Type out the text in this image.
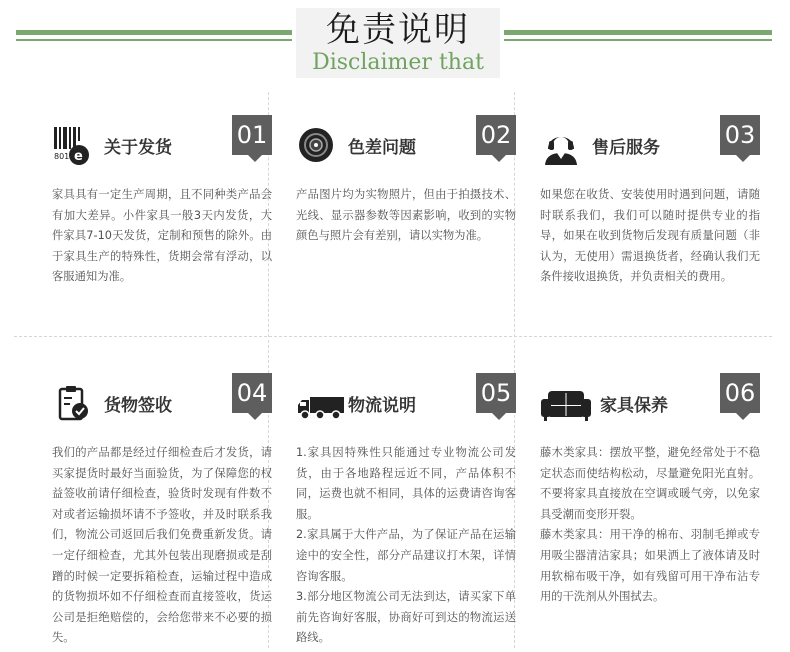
免责说明
Disclaimer that
801 e 关于发货	01

家具具有一定生产周期，且不同种类产品会有加大差异。小件家具一般3天内发货，大件家具7-10天发货，定制和预售的除外。由于家具生产的特殊性，货期会常有浮动，以客服通知为准。

色差问题	02

产品图片均为实物照片，但由于拍摄技术、光线、显示器参数等因素影响，收到的实物颜色与照片会有差别，请以实物为准。

售后服务	03

如果您在收货、安装使用时遇到问题，请随时联系我们，我们可以随时提供专业的指导，如果在收到货物后发现有质量问题（非认为，无使用）需退换货者，经确认我们无条件接收退换货，并负责相关的费用。

货物签收	04

我们的产品都是经过仔细检查后才发货，请买家提货时最好当面验货，为了保障您的权益签收前请仔细检查，验货时发现有件数不对或者运输损坏请不予签收，并及时联系我们，物流公司返回后我们免费重新发货。请一定仔细检查，尤其外包装出现磨损或是刮蹭的时候一定要拆箱检查，运输过程中造成的货物损坏如不仔细检查而直接签收，货运公司是拒绝赔偿的，会给您带来不必要的损失。

物流说明	05

1.家具因特殊性只能通过专业物流公司发货，由于各地路程远近不同，产品体积不同，运费也就不相同，具体的运费请咨询客服。

2.家具属于大件产品，为了保证产品在运输途中的安全性，部分产品建议打木架，详情咨询客服。

3.部分地区物流公司无法到达，请买家下单前先咨询好客服，协商好可到达的物流运送路线。

家具保养 06

藤木类家具：摆放平整，避免经常处于不稳定状态而使结构松动，尽量避免阳光直射。不要将家具直接放在空调或暖气旁，以免家具受潮而变形开裂。

藤木类家具：用干净的棉布、羽制毛掸或专用吸尘器清洁家具；如果洒上了液体请及时用软棉布吸干净，如有残留可用干净布沾专用的干洗剂从外围拭去。
